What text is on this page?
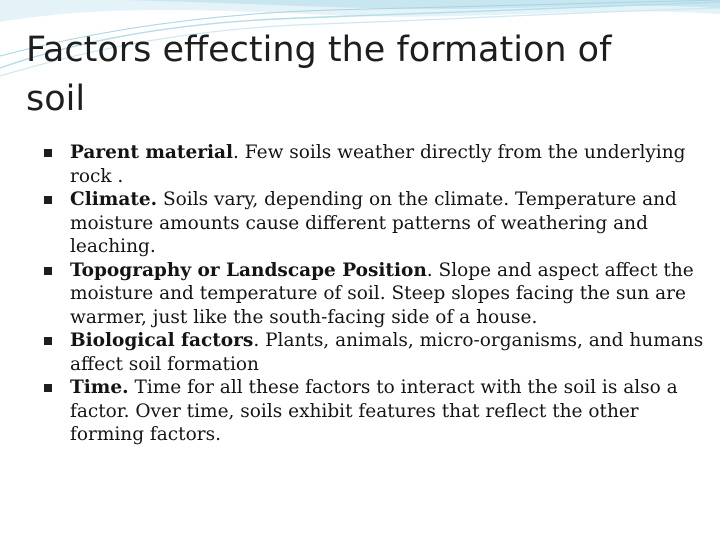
Factors effecting the formation of soil
Parent material. Few soils weather directly from the underlying rock .
Climate. Soils vary, depending on the climate. Temperature and moisture amounts cause different patterns of weathering and leaching.
Topography or Landscape Position. Slope and aspect affect the moisture and temperature of soil. Steep slopes facing the sun are warmer, just like the south-facing side of a house.
Biological factors. Plants, animals, micro-organisms, and humans affect soil formation
Time. Time for all these factors to interact with the soil is also a factor. Over time, soils exhibit features that reflect the other forming factors.
